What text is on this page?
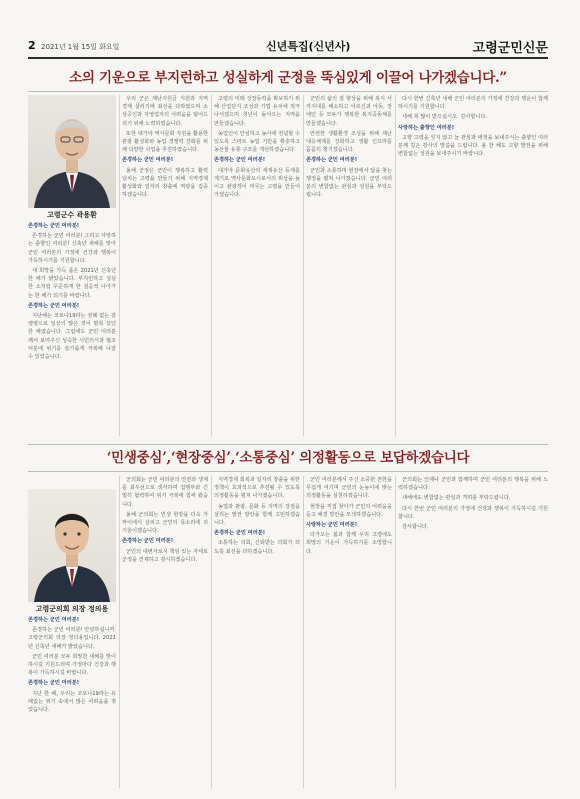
2 2021년 1월 15일 화요일	신년특집(신년사)	고령군민신문
소의 기운으로 부지런하고 성실하게 군정을 뚝심있게 이끌어 나가겠습니다.”
고령군수 곽용환

존경하는 군민 여러분!

존경하는 군민 여러분! 그리고 사랑하는 출향인 여러분! 신축년 새해를 맞아 군민 여러분의 가정에 건강과 행복이 가득하시기를 기원합니다.

새 희망을 가득 품은 2021년 신축년 한 해가 밝았습니다. 부지런하고 성실한 소처럼 꾸준하게 한 걸음씩 나아가는 한 해가 되기를 바랍니다.

존경하는 군민 여러분!

지난해는 코로나19라는 전례 없는 감염병으로 일상의 많은 것이 멈춰 섰던 한 해였습니다. 그럼에도 군민 여러분께서 보여주신 성숙한 시민의식과 협조 덕분에 위기를 슬기롭게 극복해 나갈 수 있었습니다.

우리 군은 재난지원금 지원과 지역 경제 살리기에 최선을 다하였으며 소상공인과 자영업자의 어려움을 덜어드리기 위해 노력하였습니다.

또한 대가야 역사문화 자원을 활용한 관광 활성화와 농업 경쟁력 강화를 위해 다양한 사업을 추진하였습니다.

존경하는 군민 여러분!

올해 군정은 군민이 행복하고 활력 넘치는 고령을 만들기 위해 지역경제 활성화와 일자리 창출에 역량을 집중하겠습니다.

고령의 미래 성장동력을 확보하기 위해 산업단지 조성과 기업 유치에 적극 나서겠으며 청년이 돌아오는 지역을 만들겠습니다.

농업인이 안심하고 농사에 전념할 수 있도록 스마트 농업 기반을 확충하고 농산물 유통 구조를 개선하겠습니다.

존경하는 군민 여러분!

대가야 문화유산의 세계유산 등재를 계기로 역사문화도시로서의 위상을 높이고 관광객이 머무는 고령을 만들어 가겠습니다.

군민의 삶의 질 향상을 위해 복지 사각지대를 해소하고 어르신과 아동, 장애인 등 모두가 행복한 복지공동체를 만들겠습니다.

안전한 생활환경 조성을 위해 재난 대응체계를 강화하고 생활 인프라를 꼼꼼히 챙기겠습니다.

존경하는 군민 여러분!

군민과 소통하며 현장에서 답을 찾는 행정을 펼쳐 나가겠습니다. 군민 여러분의 변함없는 관심과 성원을 부탁드립니다.

다시 한번 신축년 새해 군민 여러분의 가정에 건강과 행운이 함께하시기를 기원합니다.

새해 복 많이 받으십시오. 감사합니다.

사랑하는 출향인 여러분!

고향 고령을 잊지 않고 늘 관심과 애정을 보내주시는 출향인 여러분께 깊은 감사의 말씀을 드립니다. 올 한 해도 고향 발전을 위해 변함없는 성원을 보내주시기 바랍니다.

‘민생중심’,‘현장중심’,‘소통중심’ 의정활동으로 보답하겠습니다
고령군의회 의장 정의용

존경하는 군민 여러분!

존경하는 군민 여러분! 안녕하십니까. 고령군의회 의장 정의용입니다. 2021년 신축년 새해가 밝았습니다.

군민 여러분 모두 희망찬 새해를 맞이하시길 기원드리며 가정마다 건강과 행복이 가득하시길 바랍니다.

존경하는 군민 여러분!

지난 한 해, 우리는 코로나19라는 유례없는 위기 속에서 많은 어려움을 겪었습니다.

군의회는 군민 여러분의 안전과 생계를 최우선으로 생각하며 집행부와 긴밀히 협력하여 위기 극복에 힘써 왔습니다.

올해 군의회는 민생 현장을 더욱 가까이에서 살피고 군민의 목소리에 귀 기울이겠습니다.

존경하는 군민 여러분!

군민의 대변자로서 책임 있는 자세로 군정을 견제하고 감시하겠습니다.

지역경제 회복과 일자리 창출을 위한 정책이 효과적으로 추진될 수 있도록 의정활동을 펼쳐 나가겠습니다.

농업과 관광, 문화 등 지역의 강점을 살리는 발전 방안을 함께 고민하겠습니다.

존경하는 군민 여러분!

소통하는 의회, 신뢰받는 의회가 되도록 최선을 다하겠습니다.

군민 여러분께서 주신 소중한 권한을 무겁게 여기며 군민의 눈높이에 맞는 의정활동을 실천하겠습니다.

현장을 직접 찾아가 군민의 어려움을 듣고 해결 방안을 모색하겠습니다.

사랑하는 군민 여러분!

다가오는 봄과 함께 우리 고령에도 희망의 기운이 가득하기를 소망합니다.

군의회는 언제나 군민과 함께하며 군민 여러분의 행복을 위해 노력하겠습니다.

새해에도 변함없는 관심과 격려를 부탁드립니다.

다시 한번 군민 여러분의 가정에 건강과 행복이 가득하시길 기원합니다.

감사합니다.
